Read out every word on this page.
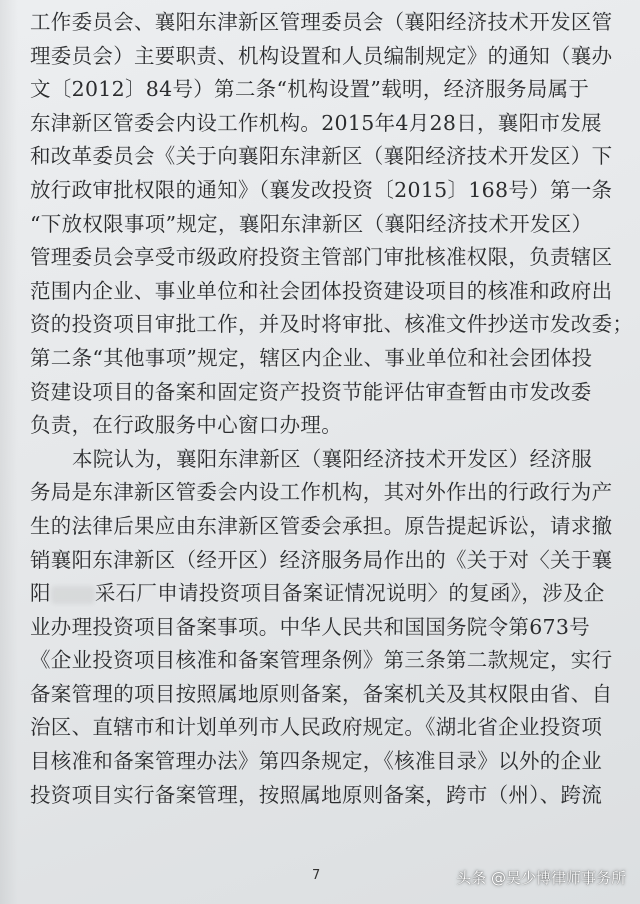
工作委员会、襄阳东津新区管理委员会（襄阳经济技术开发区管
理委员会）主要职责、机构设置和人员编制规定》的通知（襄办
文〔2012〕84号）第二条“机构设置”载明，经济服务局属于
东津新区管委会内设工作机构。2015年4月28日，襄阳市发展
和改革委员会《关于向襄阳东津新区（襄阳经济技术开发区）下
放行政审批权限的通知》（襄发改投资〔2015〕168号）第一条
“下放权限事项”规定，襄阳东津新区（襄阳经济技术开发区）
管理委员会享受市级政府投资主管部门审批核准权限，负责辖区
范围内企业、事业单位和社会团体投资建设项目的核准和政府出
资的投资项目审批工作，并及时将审批、核准文件抄送市发改委；
第二条“其他事项”规定，辖区内企业、事业单位和社会团体投
资建设项目的备案和固定资产投资节能评估审查暂由市发改委
负责，在行政服务中心窗口办理。
本院认为，襄阳东津新区（襄阳经济技术开发区）经济服
务局是东津新区管委会内设工作机构，其对外作出的行政行为产
生的法律后果应由东津新区管委会承担。原告提起诉讼，请求撤
销襄阳东津新区（经开区）经济服务局作出的《关于对〈关于襄
阳 采石厂申请投资项目备案证情况说明〉的复函》，涉及企
业办理投资项目备案事项。中华人民共和国国务院令第673号
《企业投资项目核准和备案管理条例》第三条第二款规定，实行
备案管理的项目按照属地原则备案，备案机关及其权限由省、自
治区、直辖市和计划单列市人民政府规定。《湖北省企业投资项
目核准和备案管理办法》第四条规定，《核准目录》以外的企业
投资项目实行备案管理，按照属地原则备案，跨市（州）、跨流
7	头条 @吴少博律师事务所
